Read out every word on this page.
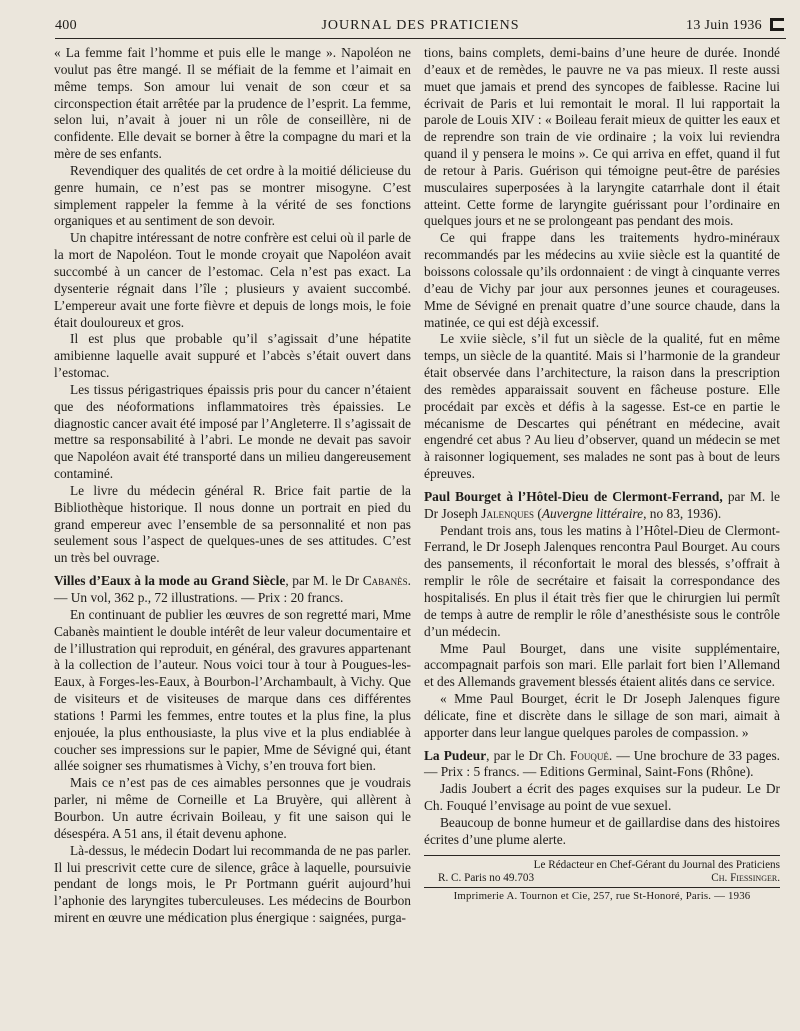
400	JOURNAL DES PRATICIENS	13 Juin 1936

« La femme fait l’homme et puis elle le mange ». Napoléon ne voulut pas être mangé. Il se méfiait de la femme et l’aimait en même temps. Son amour lui venait de son cœur et sa circonspection était arrêtée par la prudence de l’esprit. La femme, selon lui, n’avait à jouer ni un rôle de conseillère, ni de confidente. Elle devait se borner à être la compagne du mari et la mère de ses enfants.

Revendiquer des qualités de cet ordre à la moitié délicieuse du genre humain, ce n’est pas se montrer misogyne. C’est simplement rappeler la femme à la vérité de ses fonctions organiques et au sentiment de son devoir.

Un chapitre intéressant de notre confrère est celui où il parle de la mort de Napoléon. Tout le monde croyait que Napoléon avait succombé à un cancer de l’estomac. Cela n’est pas exact. La dysenterie régnait dans l’île ; plusieurs y avaient succombé. L’empereur avait une forte fièvre et depuis de longs mois, le foie était douloureux et gros.

Il est plus que probable qu’il s’agissait d’une hépatite amibienne laquelle avait suppuré et l’abcès s’était ouvert dans l’estomac.

Les tissus périgastriques épaissis pris pour du cancer n’étaient que des néoformations inflammatoires très épaissies. Le diagnostic cancer avait été imposé par l’Angleterre. Il s’agissait de mettre sa responsabilité à l’abri. Le monde ne devait pas savoir que Napoléon avait été transporté dans un milieu dangereusement contaminé.

Le livre du médecin général R. Brice fait partie de la Bibliothèque historique. Il nous donne un portrait en pied du grand empereur avec l’ensemble de sa personnalité et non pas seulement sous l’aspect de quelques-unes de ses attitudes. C’est un très bel ouvrage.

Villes d’Eaux à la mode au Grand Siècle, par M. le Dr Cabanès. — Un vol, 362 p., 72 illustrations. — Prix : 20 francs.

En continuant de publier les œuvres de son regretté mari, Mme Cabanès maintient le double intérêt de leur valeur documentaire et de l’illustration qui reproduit, en général, des gravures appartenant à la collection de l’auteur. Nous voici tour à tour à Pougues-les-Eaux, à Forges-les-Eaux, à Bourbon-l’Archambault, à Vichy. Que de visiteurs et de visiteuses de marque dans ces différentes stations ! Parmi les femmes, entre toutes et la plus fine, la plus enjouée, la plus enthousiaste, la plus vive et la plus endiablée à coucher ses impressions sur le papier, Mme de Sévigné qui, étant allée soigner ses rhumatismes à Vichy, s’en trouva fort bien.

Mais ce n’est pas de ces aimables personnes que je voudrais parler, ni même de Corneille et La Bruyère, qui allèrent à Bourbon. Un autre écrivain Boileau, y fit une saison qui le désespéra. A 51 ans, il était devenu aphone.

Là-dessus, le médecin Dodart lui recommanda de ne pas parler. Il lui prescrivit cette cure de silence, grâce à laquelle, poursuivie pendant de longs mois, le Pr Portmann guérit aujourd’hui l’aphonie des laryngites tuberculeuses. Les médecins de Bourbon mirent en œuvre une médication plus énergique : saignées, purga-

tions, bains complets, demi-bains d’une heure de durée. Inondé d’eaux et de remèdes, le pauvre ne va pas mieux. Il reste aussi muet que jamais et prend des syncopes de faiblesse. Racine lui écrivait de Paris et lui remontait le moral. Il lui rapportait la parole de Louis XIV : « Boileau ferait mieux de quitter les eaux et de reprendre son train de vie ordinaire ; la voix lui reviendra quand il y pensera le moins ». Ce qui arriva en effet, quand il fut de retour à Paris. Guérison qui témoigne peut-être de parésies musculaires superposées à la laryngite catarrhale dont il était atteint. Cette forme de laryngite guérissant pour l’ordinaire en quelques jours et ne se prolongeant pas pendant des mois.

Ce qui frappe dans les traitements hydro-minéraux recommandés par les médecins au xviie siècle est la quantité de boissons colossale qu’ils ordonnaient : de vingt à cinquante verres d’eau de Vichy par jour aux personnes jeunes et courageuses. Mme de Sévigné en prenait quatre d’une source chaude, dans la matinée, ce qui est déjà excessif.

Le xviie siècle, s’il fut un siècle de la qualité, fut en même temps, un siècle de la quantité. Mais si l’harmonie de la grandeur était observée dans l’architecture, la raison dans la prescription des remèdes apparaissait souvent en fâcheuse posture. Elle procédait par excès et défis à la sagesse. Est-ce en partie le mécanisme de Descartes qui pénétrant en médecine, avait engendré cet abus ? Au lieu d’observer, quand un médecin se met à raisonner logiquement, ses malades ne sont pas à bout de leurs épreuves.

Paul Bourget à l’Hôtel-Dieu de Clermont-Ferrand, par M. le Dr Joseph Jalenques (Auvergne littéraire, no 83, 1936).

Pendant trois ans, tous les matins à l’Hôtel-Dieu de Clermont-Ferrand, le Dr Joseph Jalenques rencontra Paul Bourget. Au cours des pansements, il réconfortait le moral des blessés, s’offrait à remplir le rôle de secrétaire et faisait la correspondance des hospitalisés. En plus il était très fier que le chirurgien lui permît de temps à autre de remplir le rôle d’anesthésiste sous le contrôle d’un médecin.

Mme Paul Bourget, dans une visite supplémentaire, accompagnait parfois son mari. Elle parlait fort bien l’Allemand et des Allemands gravement blessés étaient alités dans ce service.

« Mme Paul Bourget, écrit le Dr Joseph Jalenques figure délicate, fine et discrète dans le sillage de son mari, aimait à apporter dans leur langue quelques paroles de compassion. »

La Pudeur, par le Dr Ch. Fouqué. — Une brochure de 33 pages. — Prix : 5 francs. — Editions Germinal, Saint-Fons (Rhône).

Jadis Joubert a écrit des pages exquises sur la pudeur. Le Dr Ch. Fouqué l’envisage au point de vue sexuel.

Beaucoup de bonne humeur et de gaillardise dans des histoires écrites d’une plume alerte.

Le Rédacteur en Chef-Gérant du Journal des Praticiens
R. C. Paris no 49.703	Ch. Fiessinger.
Imprimerie A. Tournon et Cie, 257, rue St-Honoré, Paris. — 1936
